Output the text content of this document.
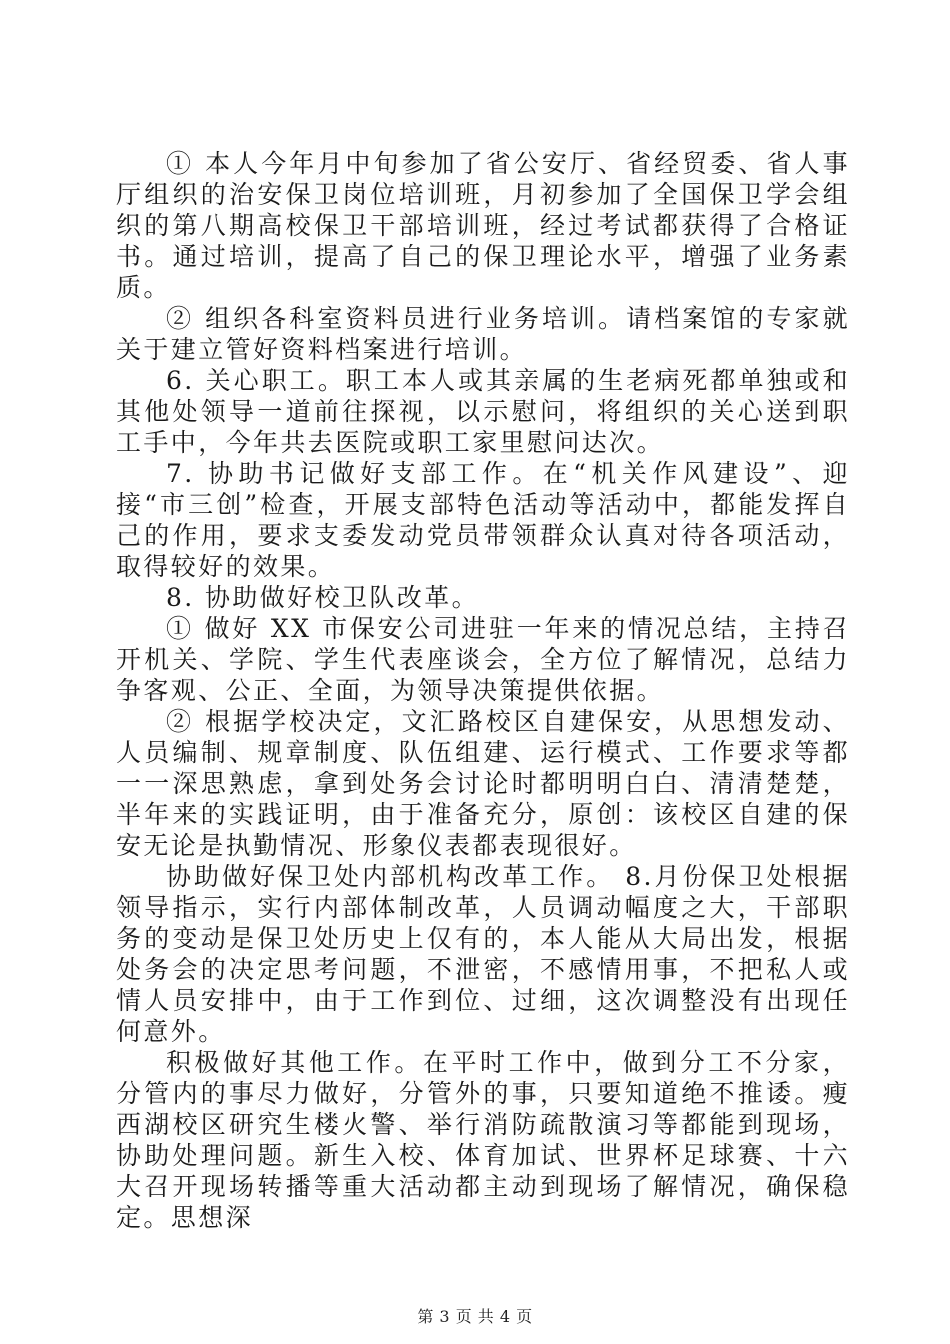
① 本人今年月中旬参加了省公安厅、省经贸委、省人事厅组织的治安保卫岗位培训班，月初参加了全国保卫学会组织的第八期高校保卫干部培训班，经过考试都获得了合格证书。通过培训，提高了自己的保卫理论水平，增强了业务素质。

② 组织各科室资料员进行业务培训。请档案馆的专家就关于建立管好资料档案进行培训。

6. 关心职工。职工本人或其亲属的生老病死都单独或和其他处领导一道前往探视，以示慰问，将组织的关心送到职工手中，今年共去医院或职工家里慰问达次。

7. 协助书记做好支部工作。在“机关作风建设”、迎接“市三创”检查，开展支部特色活动等活动中，都能发挥自己的作用，要求支委发动党员带领群众认真对待各项活动，取得较好的效果。

8. 协助做好校卫队改革。

① 做好 XX 市保安公司进驻一年来的情况总结，主持召开机关、学院、学生代表座谈会，全方位了解情况，总结力争客观、公正、全面，为领导决策提供依据。

② 根据学校决定，文汇路校区自建保安，从思想发动、人员编制、规章制度、队伍组建、运行模式、工作要求等都一一深思熟虑，拿到处务会讨论时都明明白白、清清楚楚，半年来的实践证明，由于准备充分，原创：该校区自建的保安无论是执勤情况、形象仪表都表现很好。

协助做好保卫处内部机构改革工作。 8.月份保卫处根据领导指示，实行内部体制改革，人员调动幅度之大，干部职务的变动是保卫处历史上仅有的，本人能从大局出发，根据处务会的决定思考问题，不泄密，不感情用事，不把私人或情人员安排中，由于工作到位、过细，这次调整没有出现任何意外。

积极做好其他工作。在平时工作中，做到分工不分家，分管内的事尽力做好，分管外的事，只要知道绝不推诿。瘦西湖校区研究生楼火警、举行消防疏散演习等都能到现场，协助处理问题。新生入校、体育加试、世界杯足球赛、十六大召开现场转播等重大活动都主动到现场了解情况，确保稳定。思想深

第 3 页 共 4 页
